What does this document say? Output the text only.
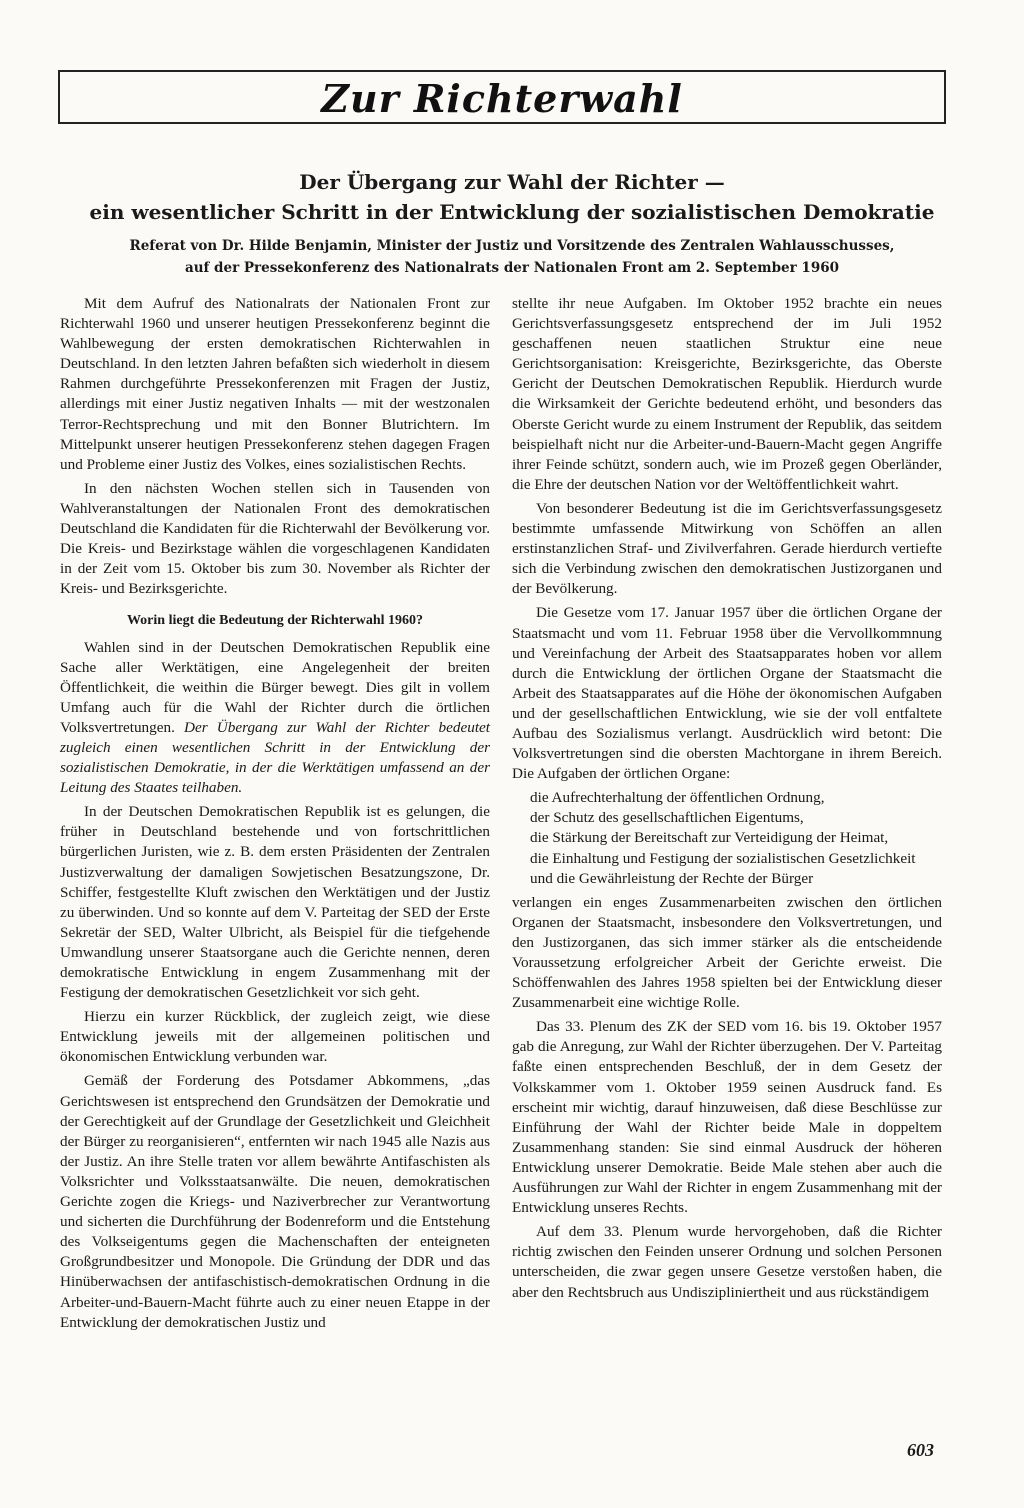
Zur Richterwahl
Der Übergang zur Wahl der Richter —
ein wesentlicher Schritt in der Entwicklung der sozialistischen Demokratie
Referat von Dr. Hilde Benjamin, Minister der Justiz und Vorsitzende des Zentralen Wahlausschusses,
auf der Pressekonferenz des Nationalrats der Nationalen Front am 2. September 1960

Mit dem Aufruf des Nationalrats der Nationalen Front zur Richterwahl 1960 und unserer heutigen Pressekonferenz beginnt die Wahlbewegung der ersten demokratischen Richterwahlen in Deutschland. In den letzten Jahren befaßten sich wiederholt in diesem Rahmen durchgeführte Pressekonferenzen mit Fragen der Justiz, allerdings mit einer Justiz negativen Inhalts — mit der westzonalen Terror-Rechtsprechung und mit den Bonner Blutrichtern. Im Mittelpunkt unserer heutigen Pressekonferenz stehen dagegen Fragen und Probleme einer Justiz des Volkes, eines sozialistischen Rechts.

In den nächsten Wochen stellen sich in Tausenden von Wahlveranstaltungen der Nationalen Front des demokratischen Deutschland die Kandidaten für die Richterwahl der Bevölkerung vor. Die Kreis- und Bezirkstage wählen die vorgeschlagenen Kandidaten in der Zeit vom 15. Oktober bis zum 30. November als Richter der Kreis- und Bezirksgerichte.

Worin liegt die Bedeutung der Richterwahl 1960?

Wahlen sind in der Deutschen Demokratischen Republik eine Sache aller Werktätigen, eine Angelegenheit der breiten Öffentlichkeit, die weithin die Bürger bewegt. Dies gilt in vollem Umfang auch für die Wahl der Richter durch die örtlichen Volksvertretungen. Der Übergang zur Wahl der Richter bedeutet zugleich einen wesentlichen Schritt in der Entwicklung der sozialistischen Demokratie, in der die Werktätigen umfassend an der Leitung des Staates teilhaben.

In der Deutschen Demokratischen Republik ist es gelungen, die früher in Deutschland bestehende und von fortschrittlichen bürgerlichen Juristen, wie z. B. dem ersten Präsidenten der Zentralen Justizverwaltung der damaligen Sowjetischen Besatzungszone, Dr. Schiffer, festgestellte Kluft zwischen den Werktätigen und der Justiz zu überwinden. Und so konnte auf dem V. Parteitag der SED der Erste Sekretär der SED, Walter Ulbricht, als Beispiel für die tiefgehende Umwandlung unserer Staatsorgane auch die Gerichte nennen, deren demokratische Entwicklung in engem Zusammenhang mit der Festigung der demokratischen Gesetzlichkeit vor sich geht.

Hierzu ein kurzer Rückblick, der zugleich zeigt, wie diese Entwicklung jeweils mit der allgemeinen politischen und ökonomischen Entwicklung verbunden war.

Gemäß der Forderung des Potsdamer Abkommens, „das Gerichtswesen ist entsprechend den Grundsätzen der Demokratie und der Gerechtigkeit auf der Grundlage der Gesetzlichkeit und Gleichheit der Bürger zu reorganisieren“, entfernten wir nach 1945 alle Nazis aus der Justiz. An ihre Stelle traten vor allem bewährte Antifaschisten als Volksrichter und Volksstaatsanwälte. Die neuen, demokratischen Gerichte zogen die Kriegs- und Naziverbrecher zur Verantwortung und sicherten die Durchführung der Bodenreform und die Entstehung des Volkseigentums gegen die Machenschaften der enteigneten Großgrundbesitzer und Monopole. Die Gründung der DDR und das Hinüberwachsen der antifaschistisch-demokratischen Ordnung in die Arbeiter-und-Bauern-Macht führte auch zu einer neuen Etappe in der Entwicklung der demokratischen Justiz und

stellte ihr neue Aufgaben. Im Oktober 1952 brachte ein neues Gerichtsverfassungsgesetz entsprechend der im Juli 1952 geschaffenen neuen staatlichen Struktur eine neue Gerichtsorganisation: Kreisgerichte, Bezirksgerichte, das Oberste Gericht der Deutschen Demokratischen Republik. Hierdurch wurde die Wirksamkeit der Gerichte bedeutend erhöht, und besonders das Oberste Gericht wurde zu einem Instrument der Republik, das seitdem beispielhaft nicht nur die Arbeiter-und-Bauern-Macht gegen Angriffe ihrer Feinde schützt, sondern auch, wie im Prozeß gegen Oberländer, die Ehre der deutschen Nation vor der Weltöffentlichkeit wahrt.

Von besonderer Bedeutung ist die im Gerichtsverfassungsgesetz bestimmte umfassende Mitwirkung von Schöffen an allen erstinstanzlichen Straf- und Zivilverfahren. Gerade hierdurch vertiefte sich die Verbindung zwischen den demokratischen Justizorganen und der Bevölkerung.

Die Gesetze vom 17. Januar 1957 über die örtlichen Organe der Staatsmacht und vom 11. Februar 1958 über die Vervollkommnung und Vereinfachung der Arbeit des Staatsapparates hoben vor allem durch die Entwicklung der örtlichen Organe der Staatsmacht die Arbeit des Staatsapparates auf die Höhe der ökonomischen Aufgaben und der gesellschaftlichen Entwicklung, wie sie der voll entfaltete Aufbau des Sozialismus verlangt. Ausdrücklich wird betont: Die Volksvertretungen sind die obersten Machtorgane in ihrem Bereich. Die Aufgaben der örtlichen Organe:

die Aufrechterhaltung der öffentlichen Ordnung,
der Schutz des gesellschaftlichen Eigentums,
die Stärkung der Bereitschaft zur Verteidigung der Heimat,
die Einhaltung und Festigung der sozialistischen Gesetzlichkeit und die Gewährleistung der Rechte der Bürger

verlangen ein enges Zusammenarbeiten zwischen den örtlichen Organen der Staatsmacht, insbesondere den Volksvertretungen, und den Justizorganen, das sich immer stärker als die entscheidende Voraussetzung erfolgreicher Arbeit der Gerichte erweist. Die Schöffenwahlen des Jahres 1958 spielten bei der Entwicklung dieser Zusammenarbeit eine wichtige Rolle.

Das 33. Plenum des ZK der SED vom 16. bis 19. Oktober 1957 gab die Anregung, zur Wahl der Richter überzugehen. Der V. Parteitag faßte einen entsprechenden Beschluß, der in dem Gesetz der Volkskammer vom 1. Oktober 1959 seinen Ausdruck fand. Es erscheint mir wichtig, darauf hinzuweisen, daß diese Beschlüsse zur Einführung der Wahl der Richter beide Male in doppeltem Zusammenhang standen: Sie sind einmal Ausdruck der höheren Entwicklung unserer Demokratie. Beide Male stehen aber auch die Ausführungen zur Wahl der Richter in engem Zusammenhang mit der Entwicklung unseres Rechts.

Auf dem 33. Plenum wurde hervorgehoben, daß die Richter richtig zwischen den Feinden unserer Ordnung und solchen Personen unterscheiden, die zwar gegen unsere Gesetze verstoßen haben, die aber den Rechtsbruch aus Undiszipliniertheit und aus rückständigem

603
